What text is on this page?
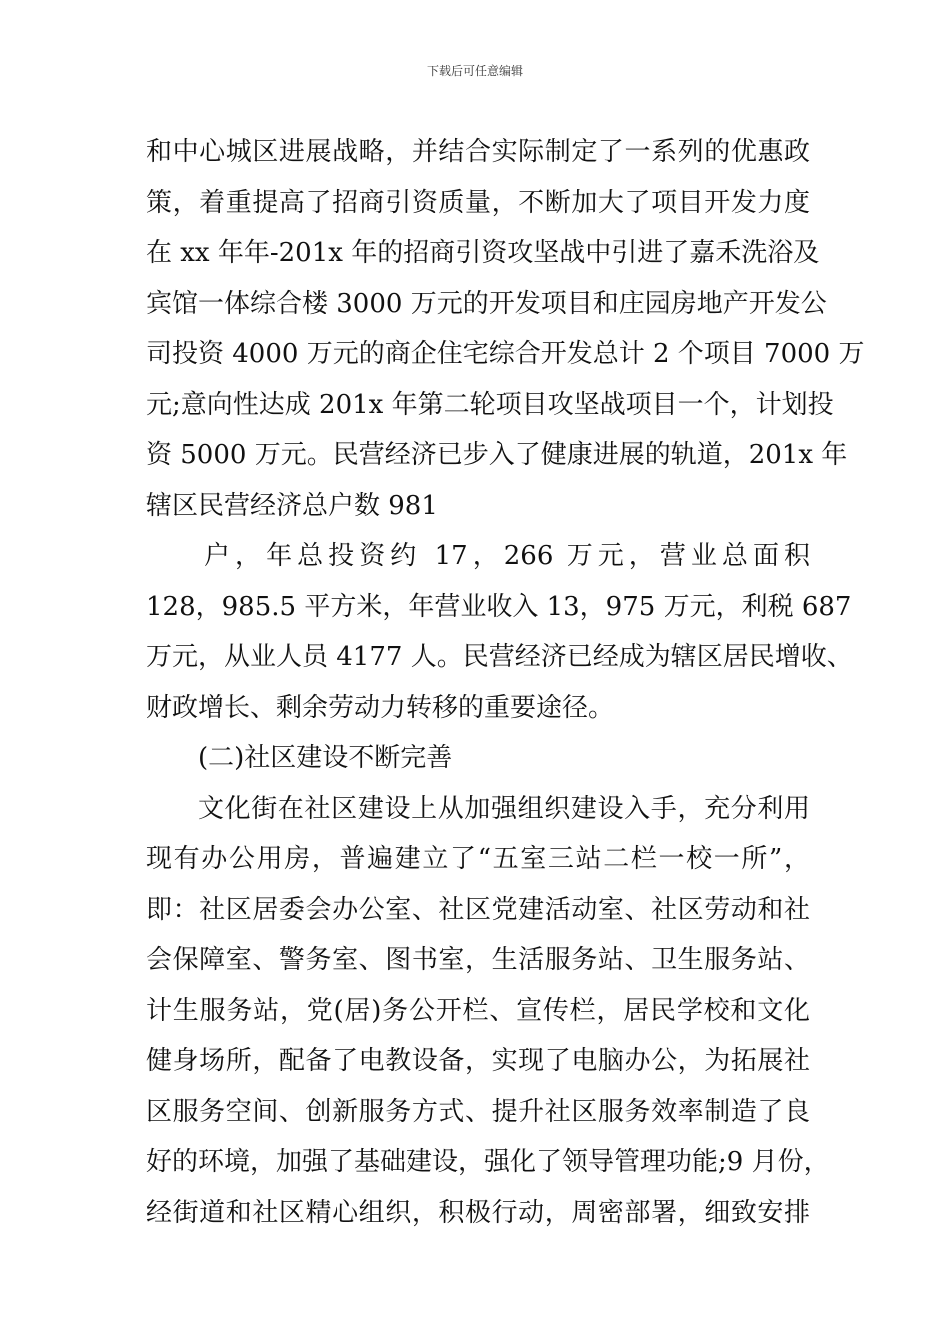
下载后可任意编辑
和中心城区进展战略，并结合实际制定了一系列的优惠政
策，着重提高了招商引资质量，不断加大了项目开发力度
在 xx 年年-201x 年的招商引资攻坚战中引进了嘉禾洗浴及
宾馆一体综合楼 3000 万元的开发项目和庄园房地产开发公
司投资 4000 万元的商企住宅综合开发总计 2 个项目 7000 万
元;意向性达成 201x 年第二轮项目攻坚战项目一个，计划投
资 5000 万元。民营经济已步入了健康进展的轨道，201x 年
辖区民营经济总户数 981
户，年总投资约 17，266 万元，营业总面积
128，985.5 平方米，年营业收入 13，975 万元，利税 687
万元，从业人员 4177 人。民营经济已经成为辖区居民增收、
财政增长、剩余劳动力转移的重要途径。
(二)社区建设不断完善
文化街在社区建设上从加强组织建设入手，充分利用
现有办公用房，普遍建立了“五室三站二栏一校一所”，
即：社区居委会办公室、社区党建活动室、社区劳动和社
会保障室、警务室、图书室，生活服务站、卫生服务站、
计生服务站，党(居)务公开栏、宣传栏，居民学校和文化
健身场所，配备了电教设备，实现了电脑办公，为拓展社
区服务空间、创新服务方式、提升社区服务效率制造了良
好的环境，加强了基础建设，强化了领导管理功能;9 月份，
经街道和社区精心组织，积极行动，周密部署，细致安排
